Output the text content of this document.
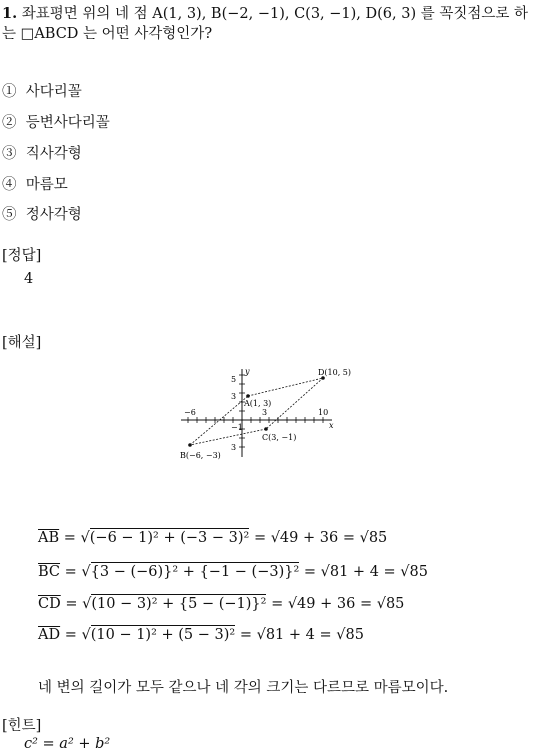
1. 좌표평면 위의 네 점 A(1, 3), B(−2, −1), C(3, −1), D(6, 3) 를 꼭짓점으로 하
는 □ABCD 는 어떤 사각형인가?
① 사다리꼴
② 등변사다리꼴
③ 직사각형
④ 마름모
⑤ 정사각형
[정답]
4
[해설]
−6
−1
3	10
x
5
3
3
y
A(1, 3)
D(10, 5)
C(3, −1)
B(−6, −3)
$\overline{AB} = √(-6 - 1)^2 + (-3 - 3)^2 = √49 + 36 = √85$
$\overline{BC} = √\{3 - (-6)\}^2 + \{-1 - (-3)\}^2 = √81 + 4 = √85$
$\overline{CD} = √(10 - 3)^2 + \{5 - (-1)\}^2 = √49 + 36 = √85$
$\overline{AD} = √(10 - 1)^2 + (5 - 3)^2 = √81 + 4 = √85$
네 변의 길이가 모두 같으나 네 각의 크기는 다르므로 마름모이다.
[힌트]
c² = a² + b²
